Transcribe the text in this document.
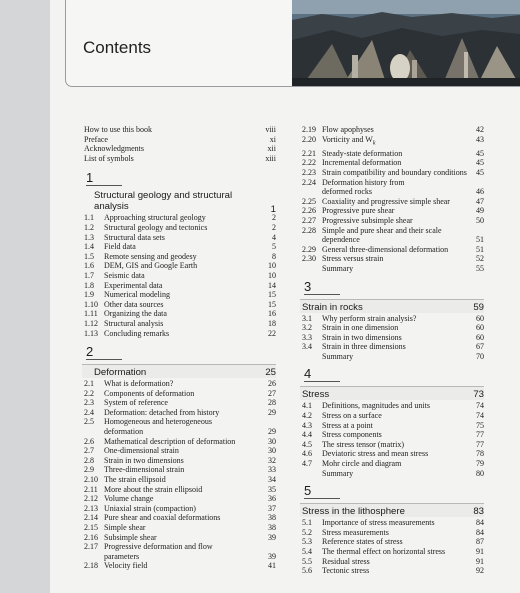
Contents
How to use this book	viii
Preface	xi
Acknowledgments	xii
List of symbols	xiii
1
Structural geology and structural analysis	1
1.1	Approaching structural geology	2
1.2	Structural geology and tectonics	2
1.3	Structural data sets	4
1.4	Field data	5
1.5	Remote sensing and geodesy	8
1.6	DEM, GIS and Google Earth	10
1.7	Seismic data	10
1.8	Experimental data	14
1.9	Numerical modeling	15
1.10 Other data sources	15
1.11 Organizing the data	16
1.12 Structural analysis	18
1.13 Concluding remarks	22
2
Deformation	25
2.1	What is deformation?	26
2.2	Components of deformation	27
2.3	System of reference	28
2.4	Deformation: detached from history	29
2.5	Homogeneous and heterogeneous deformation	29
2.6	Mathematical description of deformation	30
2.7	One-dimensional strain	30
2.8	Strain in two dimensions	32
2.9	Three-dimensional strain	33
2.10 The strain ellipsoid	34
2.11 More about the strain ellipsoid	35
2.12 Volume change	36
2.13 Uniaxial strain (compaction)	37
2.14 Pure shear and coaxial deformations	38
2.15 Simple shear	38
2.16 Subsimple shear	39
2.17 Progressive deformation and flow parameters	39
2.18 Velocity field	41
2.19 Flow apophyses	42
2.20 Vorticity and $W_k$	43
2.21 Steady-state deformation	45
2.22 Incremental deformation	45
2.23 Strain compatibility and boundary conditions	45
2.24 Deformation history from deformed rocks	46
2.25 Coaxiality and progressive simple shear	47
2.26 Progressive pure shear	49
2.27 Progressive subsimple shear	50
2.28 Simple and pure shear and their scale dependence	51
2.29 General three-dimensional deformation	51
2.30 Stress versus strain	52
Summary	55
3
Strain in rocks	59
3.1	Why perform strain analysis?	60
3.2	Strain in one dimension	60
3.3	Strain in two dimensions	60
3.4	Strain in three dimensions	67
Summary	70
4
Stress	73
4.1	Definitions, magnitudes and units	74
4.2	Stress on a surface	74
4.3	Stress at a point	75
4.4	Stress components	77
4.5	The stress tensor (matrix)	77
4.6	Deviatoric stress and mean stress	78
4.7	Mohr circle and diagram	79
Summary	80
5
Stress in the lithosphere	83
5.1	Importance of stress measurements	84
5.2	Stress measurements	84
5.3	Reference states of stress	87
5.4	The thermal effect on horizontal stress	91
5.5	Residual stress	91
5.6	Tectonic stress	92
